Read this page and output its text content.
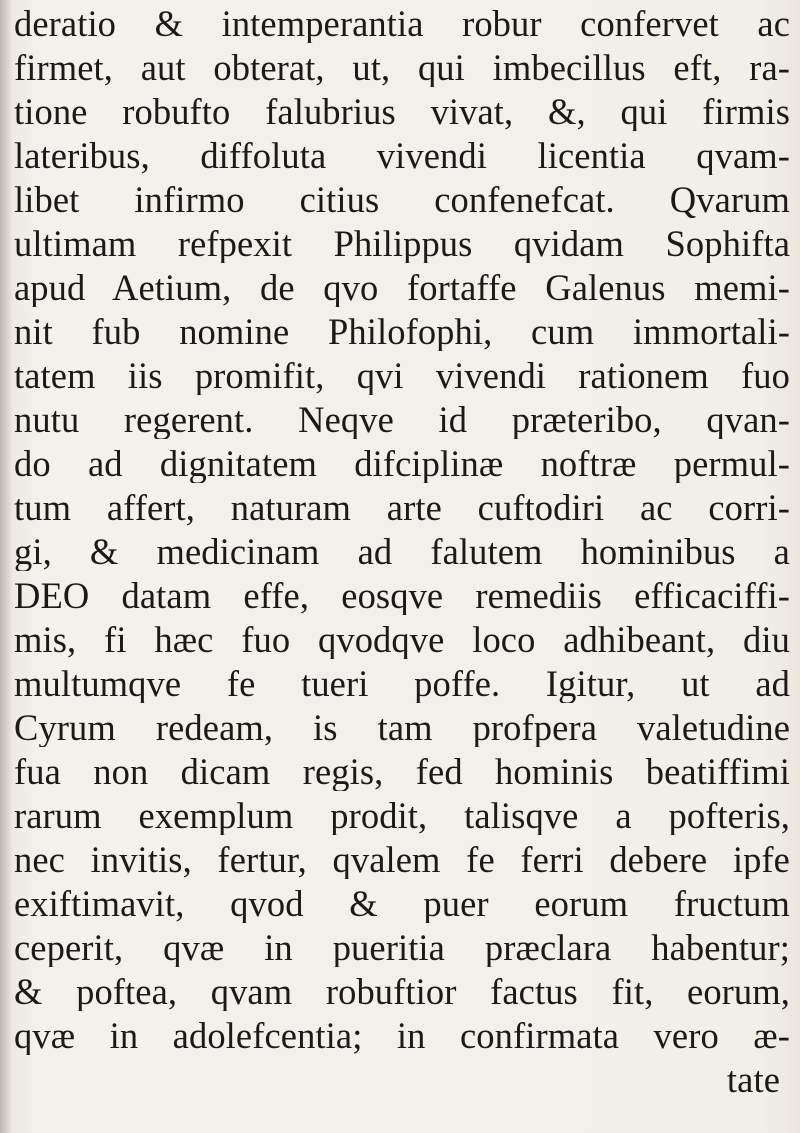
deratio & intemperantia robur confervet ac
firmet, aut obterat, ut, qui imbecillus eft, ra-
tione robufto falubrius vivat, &, qui firmis
lateribus, diffoluta vivendi licentia qvam-
libet infirmo citius confenefcat. Qvarum
ultimam refpexit Philippus qvidam Sophifta
apud Aetium, de qvo fortaffe Galenus memi-
nit fub nomine Philofophi, cum immortali-
tatem iis promifit, qvi vivendi rationem fuo
nutu regerent. Neqve id prӕteribo, qvan-
do ad dignitatem difciplinӕ noftrӕ permul-
tum affert, naturam arte cuftodiri ac corri-
gi, & medicinam ad falutem hominibus a
DEO datam effe, eosqve remediis efficaciffi-
mis, fi hӕc fuo qvodqve loco adhibeant, diu
multumqve fe tueri poffe. Igitur, ut ad
Cyrum redeam, is tam profpera valetudine
fua non dicam regis, fed hominis beatiffimi
rarum exemplum prodit, talisqve a pofteris,
nec invitis, fertur, qvalem fe ferri debere ipfe
exiftimavit, qvod & puer eorum fructum
ceperit, qvӕ in pueritia prӕclara habentur;
& poftea, qvam robuftior factus fit, eorum,
qvӕ in adolefcentia; in confirmata vero ӕ-
tate
